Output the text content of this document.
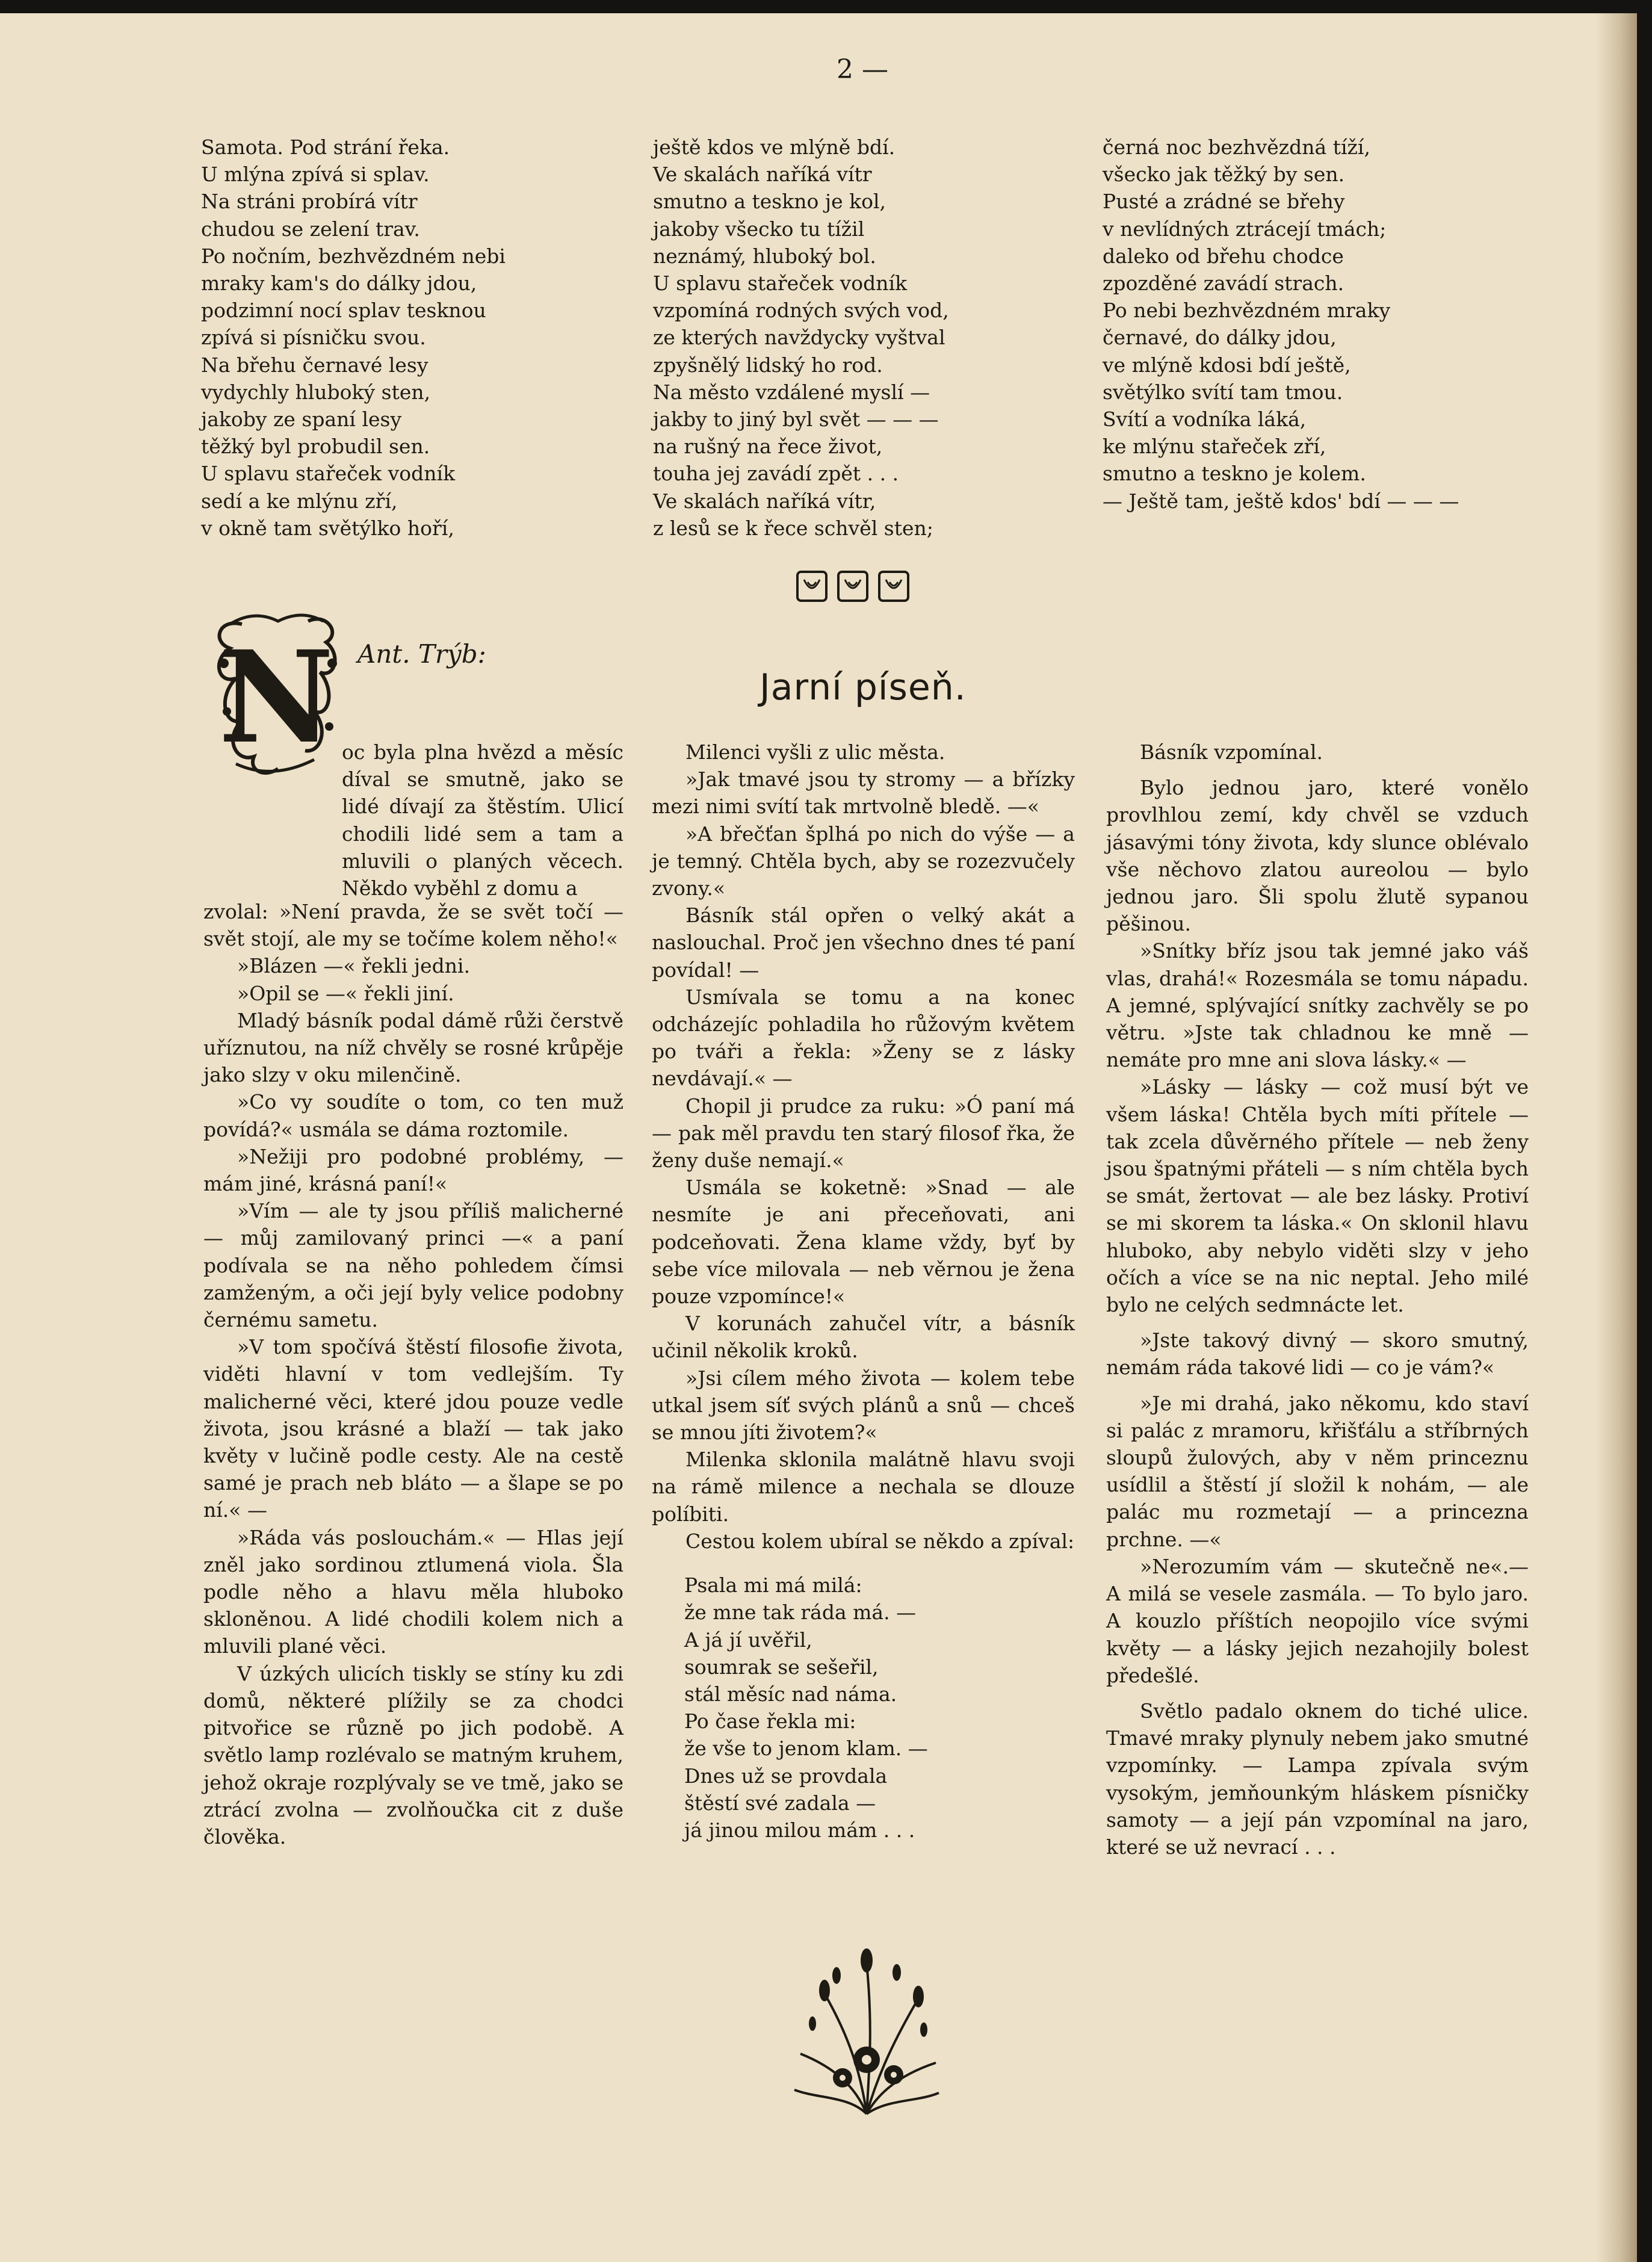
2 —

Samota. Pod strání řeka.

U mlýna zpívá si splav.

Na stráni probírá vítr

chudou se zelení trav.

Po nočním, bezhvězdném nebi

mraky kam's do dálky jdou,

podzimní nocí splav tesknou

zpívá si písničku svou.

Na břehu černavé lesy

vydychly hluboký sten,

jakoby ze spaní lesy

těžký byl probudil sen.

U splavu stařeček vodník

sedí a ke mlýnu zří,

v okně tam světýlko hoří,

ještě kdos ve mlýně bdí.

Ve skalách naříká vítr

smutno a teskno je kol,

jakoby všecko tu tížil

neznámý, hluboký bol.

U splavu stařeček vodník

vzpomíná rodných svých vod,

ze kterých navždycky vyštval

zpyšnělý lidský ho rod.

Na město vzdálené myslí —

jakby to jiný byl svět — — —

na rušný na řece život,

touha jej zavádí zpět . . .

Ve skalách naříká vítr,

z lesů se k řece schvěl sten;

černá noc bezhvězdná tíží,

všecko jak těžký by sen.

Pusté a zrádné se břehy

v nevlídných ztrácejí tmách;

daleko od břehu chodce

zpozděné zavádí strach.

Po nebi bezhvězdném mraky

černavé, do dálky jdou,

ve mlýně kdosi bdí ještě,

světýlko svítí tam tmou.

Svítí a vodníka láká,

ke mlýnu stařeček zří,

smutno a teskno je kolem.

— Ještě tam, ještě kdos' bdí — — —

N Ant. Trýb:
Jarní píseň.

oc byla plna hvězd a měsíc díval se smutně, jako se lidé dívají za štěstím. Ulicí chodili lidé sem a tam a mluvili o planých věcech. Někdo vyběhl z domu a

zvolal: »Není pravda, že se svět točí — svět stojí, ale my se točíme kolem něho!«

»Blázen —« řekli jedni.

»Opil se —« řekli jiní.

Mladý básník podal dámě růži čerstvě uříznutou, na níž chvěly se rosné krůpěje jako slzy v oku milenčině.

»Co vy soudíte o tom, co ten muž povídá?« usmála se dáma roztomile.

»Nežiji pro podobné problémy, — mám jiné, krásná paní!«

»Vím — ale ty jsou příliš malicherné — můj zamilovaný princi —« a paní podívala se na něho pohledem čímsi zamženým, a oči její byly velice podobny černému sametu.

»V tom spočívá štěstí filosofie života, viděti hlavní v tom vedlejším. Ty malicherné věci, které jdou pouze vedle života, jsou krásné a blaží — tak jako květy v lučině podle cesty. Ale na cestě samé je prach neb bláto — a šlape se po ní.« —

»Ráda vás poslouchám.« — Hlas její zněl jako sordinou ztlumená viola. Šla podle něho a hlavu měla hluboko skloněnou. A lidé chodili kolem nich a mluvili plané věci.

V úzkých ulicích tiskly se stíny ku zdi domů, některé plížily se za chodci pitvořice se různě po jich podobě. A světlo lamp rozlévalo se matným kruhem, jehož okraje rozplývaly se ve tmě, jako se ztrácí zvolna — zvolňoučka cit z duše člověka.

Milenci vyšli z ulic města.

»Jak tmavé jsou ty stromy — a břízky mezi nimi svítí tak mrtvolně bledě. —«

»A břečťan šplhá po nich do výše — a je temný. Chtěla bych, aby se rozezvučely zvony.«

Básník stál opřen o velký akát a naslouchal. Proč jen všechno dnes té paní povídal! —

Usmívala se tomu a na konec odcházejíc pohladila ho růžovým květem po tváři a řekla: »Ženy se z lásky nevdávají.« —

Chopil ji prudce za ruku: »Ó paní má — pak měl pravdu ten starý filosof řka, že ženy duše nemají.«

Usmála se koketně: »Snad — ale nesmíte je ani přeceňovati, ani podceňovati. Žena klame vždy, byť by sebe více milovala — neb věrnou je žena pouze vzpomínce!«

V korunách zahučel vítr, a básník učinil několik kroků.

»Jsi cílem mého života — kolem tebe utkal jsem síť svých plánů a snů — chceš se mnou jíti životem?«

Milenka sklonila malátně hlavu svoji na rámě milence a nechala se dlouze políbiti.

Cestou kolem ubíral se někdo a zpíval:

Psala mi má milá:

že mne tak ráda má. —

A já jí uvěřil,

soumrak se sešeřil,

stál měsíc nad náma.

Po čase řekla mi:

že vše to jenom klam. —

Dnes už se provdala

štěstí své zadala —

já jinou milou mám . . .

Básník vzpomínal.

Bylo jednou jaro, které vonělo provlhlou zemí, kdy chvěl se vzduch jásavými tóny života, kdy slunce oblévalo vše něchovo zlatou aureolou — bylo jednou jaro. Šli spolu žlutě sypanou pěšinou.

»Snítky bříz jsou tak jemné jako váš vlas, drahá!« Rozesmála se tomu nápadu. A jemné, splývající snítky zachvěly se po větru. »Jste tak chladnou ke mně — nemáte pro mne ani slova lásky.« —

»Lásky — lásky — což musí být ve všem láska! Chtěla bych míti přítele — tak zcela důvěrného přítele — neb ženy jsou špatnými přáteli — s ním chtěla bych se smát, žertovat — ale bez lásky. Protiví se mi skorem ta láska.« On sklonil hlavu hluboko, aby nebylo viděti slzy v jeho očích a více se na nic neptal. Jeho milé bylo ne celých sedmnácte let.

»Jste takový divný — skoro smutný, nemám ráda takové lidi — co je vám?«

»Je mi drahá, jako někomu, kdo staví si palác z mramoru, křišťálu a stříbrných sloupů žulových, aby v něm princeznu usídlil a štěstí jí složil k nohám, — ale palác mu rozmetají — a princezna prchne. —«

»Nerozumím vám — skutečně ne«.— A milá se vesele zasmála. — To bylo jaro. A kouzlo příštích neopojilo více svými květy — a lásky jejich nezahojily bolest předešlé.

Světlo padalo oknem do tiché ulice. Tmavé mraky plynuly nebem jako smutné vzpomínky. — Lampa zpívala svým vysokým, jemňounkým hláskem písničky samoty — a její pán vzpomínal na jaro, které se už nevrací . . .
